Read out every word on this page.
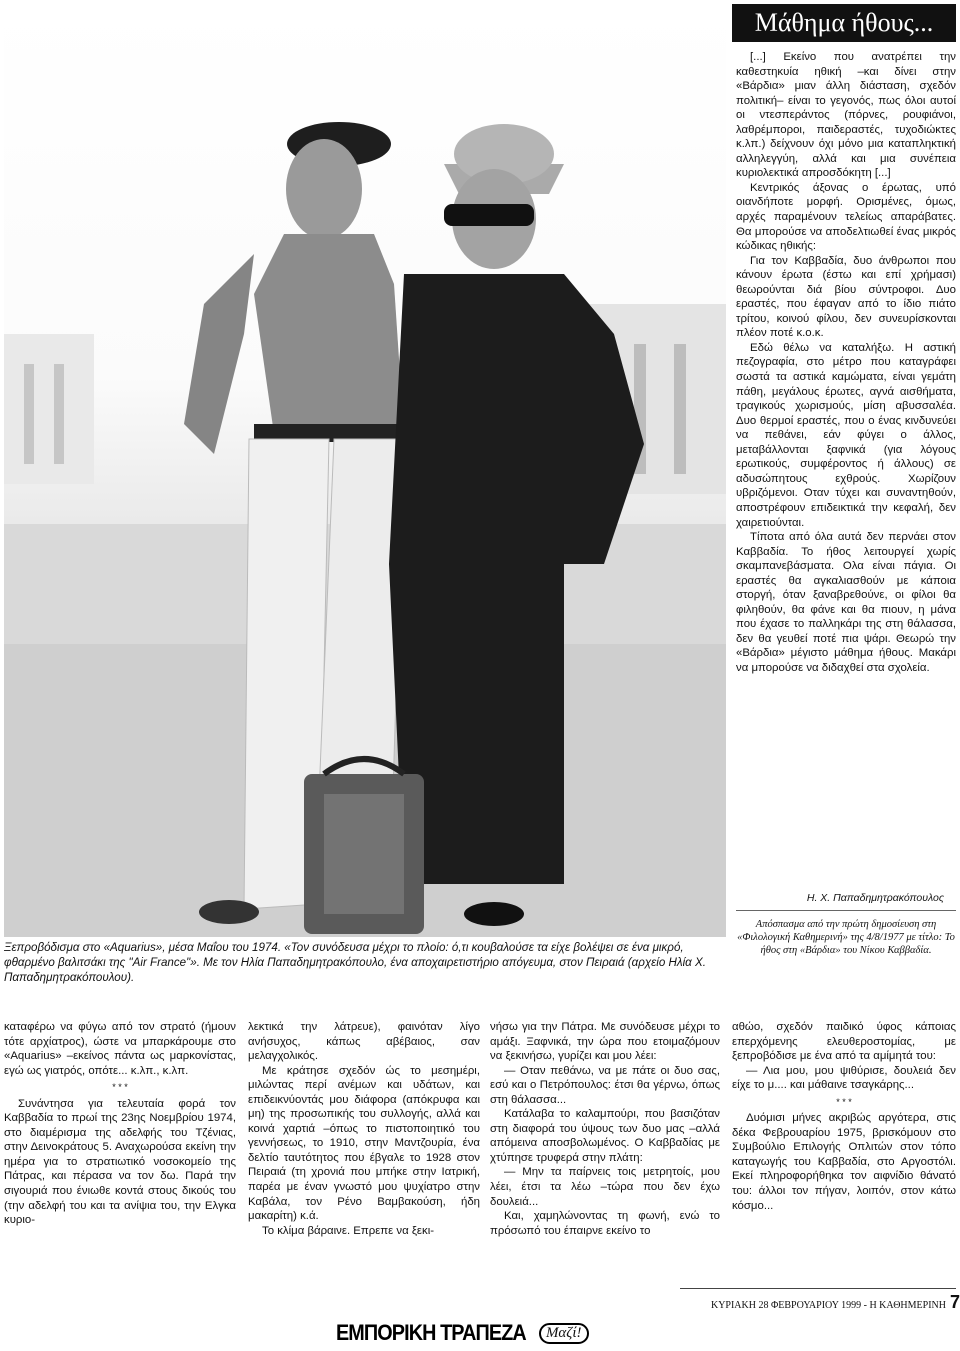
Ξεπροβόδισμα στο «Aquarius», μέσα Μαΐου του 1974. «Τον συνόδευσα μέχρι το πλοίο: ό,τι κουβαλούσε τα είχε βολέψει σε ένα μικρό, φθαρμένο βαλιτσάκι της "Air France"». Με τον Ηλία Παπαδημητρακόπουλο, ένα αποχαιρετιστήριο απόγευμα, στον Πειραιά (αρχείο Ηλία Χ. Παπαδημητρακόπουλου).
Μάθημα ήθους...

[...] Εκείνο που ανατρέπει την καθεστηκυία ηθική –και δίνει στην «Βάρδια» μιαν άλλη διάσταση, σχεδόν πολιτική– είναι το γεγονός, πως όλοι αυτοί οι ντεσπεράντος (πόρνες, ρουφιάνοι, λαθρέμποροι, παιδεραστές, τυχοδιώκτες κ.λπ.) δείχνουν όχι μόνο μια καταπληκτική αλληλεγγύη, αλλά και μια συνέπεια κυριολεκτικά απροσδόκητη [...]

Κεντρικός άξονας ο έρωτας, υπό οιανδήποτε μορφή. Ορισμένες, όμως, αρχές παραμένουν τελείως απαράβατες. Θα μπορούσε να αποδελτιωθεί ένας μικρός κώδικας ηθικής:

Για τον Καββαδία, δυο άνθρωποι που κάνουν έρωτα (έστω και επί χρήμασι) θεωρούνται διά βίου σύντροφοι. Δυο εραστές, που έφαγαν από το ίδιο πιάτο τρίτου, κοινού φίλου, δεν συνευρίσκονται πλέον ποτέ κ.ο.κ.

Εδώ θέλω να καταλήξω. Η αστική πεζογραφία, στο μέτρο που καταγράφει σωστά τα αστικά καμώματα, είναι γεμάτη πάθη, μεγάλους έρωτες, αγνά αισθήματα, τραγικούς χωρισμούς, μίση αβυσσαλέα. Δυο θερμοί εραστές, που ο ένας κινδυνεύει να πεθάνει, εάν φύγει ο άλλος, μεταβάλλονται ξαφνικά (για λόγους ερωτικούς, συμφέροντος ή άλλους) σε αδυσώπητους εχθρούς. Χωρίζουν υβριζόμενοι. Οταν τύχει και συναντηθούν, αποστρέφουν επιδεικτικά την κεφαλή, δεν χαιρετιούνται.

Τίποτα από όλα αυτά δεν περνάει στον Καββαδία. Το ήθος λειτουργεί χωρίς σκαμπανεβάσματα. Ολα είναι πάγια. Οι εραστές θα αγκαλιασθούν με κάποια στοργή, όταν ξαναβρεθούνε, οι φίλοι θα φιληθούν, θα φάνε και θα πιουν, η μάνα που έχασε το παλληκάρι της στη θάλασσα, δεν θα γευθεί ποτέ πια ψάρι. Θεωρώ την «Βάρδια» μέγιστο μάθημα ήθους. Μακάρι να μπορούσε να διδαχθεί στα σχολεία.

Η. Χ. Παπαδημητρακόπουλος
Απόσπασμα από την πρώτη δημοσίευση στη «Φιλολογική Καθημερινή» της 4/8/1977 με τίτλο: Το ήθος στη «Βάρδια» του Νίκου Καββαδία.

καταφέρω να φύγω από τον στρατό (ήμουν τότε αρχίατρος), ώστε να μπαρκάρουμε στο «Aquarius» –εκείνος πάντα ως μαρκονίστας, εγώ ως γιατρός, οπότε... κ.λπ., κ.λπ.

* * *

Συνάντησα για τελευταία φορά τον Καββαδία το πρωί της 23ης Νοεμβρίου 1974, στο διαμέρισμα της αδελφής του Τζένιας, στην Δεινοκράτους 5. Αναχωρούσα εκείνη την ημέρα για το στρατιωτικό νοσοκομείο της Πάτρας, και πέρασα να τον δω. Παρά την σιγουριά που ένιωθε κοντά στους δικούς του (την αδελφή του και τα ανίψια του, την Ελγκα κυριο-

λεκτικά την λάτρευε), φαινόταν λίγο ανήσυχος, κάπως αβέβαιος, σαν μελαγχολικός.

Με κράτησε σχεδόν ώς το μεσημέρι, μιλώντας περί ανέμων και υδάτων, και επιδεικνύοντάς μου διάφορα (απόκρυφα και μη) της προσωπικής του συλλογής, αλλά και κοινά χαρτιά –όπως το πιστοποιητικό του γεννήσεως, το 1910, στην Μαντζουρία, ένα δελτίο ταυτότητος που έβγαλε το 1928 στον Πειραιά (τη χρονιά που μπήκε στην Ιατρική, παρέα με έναν γνωστό μου ψυχίατρο στην Καβάλα, τον Ρένο Βαμβακούση, ήδη μακαρίτη) κ.ά.

Το κλίμα βάραινε. Επρεπε να ξεκι-

νήσω για την Πάτρα. Με συνόδευσε μέχρι το αμάξι. Ξαφνικά, την ώρα που ετοιμαζόμουν να ξεκινήσω, γυρίζει και μου λέει:

— Οταν πεθάνω, να με πάτε οι δυο σας, εσύ και ο Πετρόπουλος: έτσι θα γέρνω, όπως στη θάλασσα...

Κατάλαβα το καλαμπούρι, που βασιζόταν στη διαφορά του ύψους των δυο μας –αλλά απόμεινα αποσβολωμένος. Ο Καββαδίας με χτύπησε τρυφερά στην πλάτη:

— Μην τα παίρνεις τοις μετρητοίς, μου λέει, έτσι τα λέω –τώρα που δεν έχω δουλειά...

Και, χαμηλώνοντας τη φωνή, ενώ το πρόσωπό του έπαιρνε εκείνο το

αθώο, σχεδόν παιδικό ύφος κάποιας επερχόμενης ελευθεροστομίας, με ξεπροβόδισε με ένα από τα αμίμητά του:

— Λια μου, μου ψιθύρισε, δουλειά δεν είχε το μ.... και μάθαινε τσαγκάρης...

* * *

Δυόμισι μήνες ακριβώς αργότερα, στις δέκα Φεβρουαρίου 1975, βρισκόμουν στο Συμβούλιο Επιλογής Οπλιτών στον τόπο καταγωγής του Καββαδία, στο Αργοστόλι. Εκεί πληροφορήθηκα τον αιφνίδιο θάνατό του: άλλοι τον πήγαν, λοιπόν, στον κάτω κόσμο...

ΚΥΡΙΑΚΗ 28 ΦΕΒΡΟΥΑΡΙΟΥ 1999 - Η ΚΑΘΗΜΕΡΙΝΗ 7
ΕΜΠΟΡΙΚΗ ΤΡΑΠΕΖΑ	Μαζί!
